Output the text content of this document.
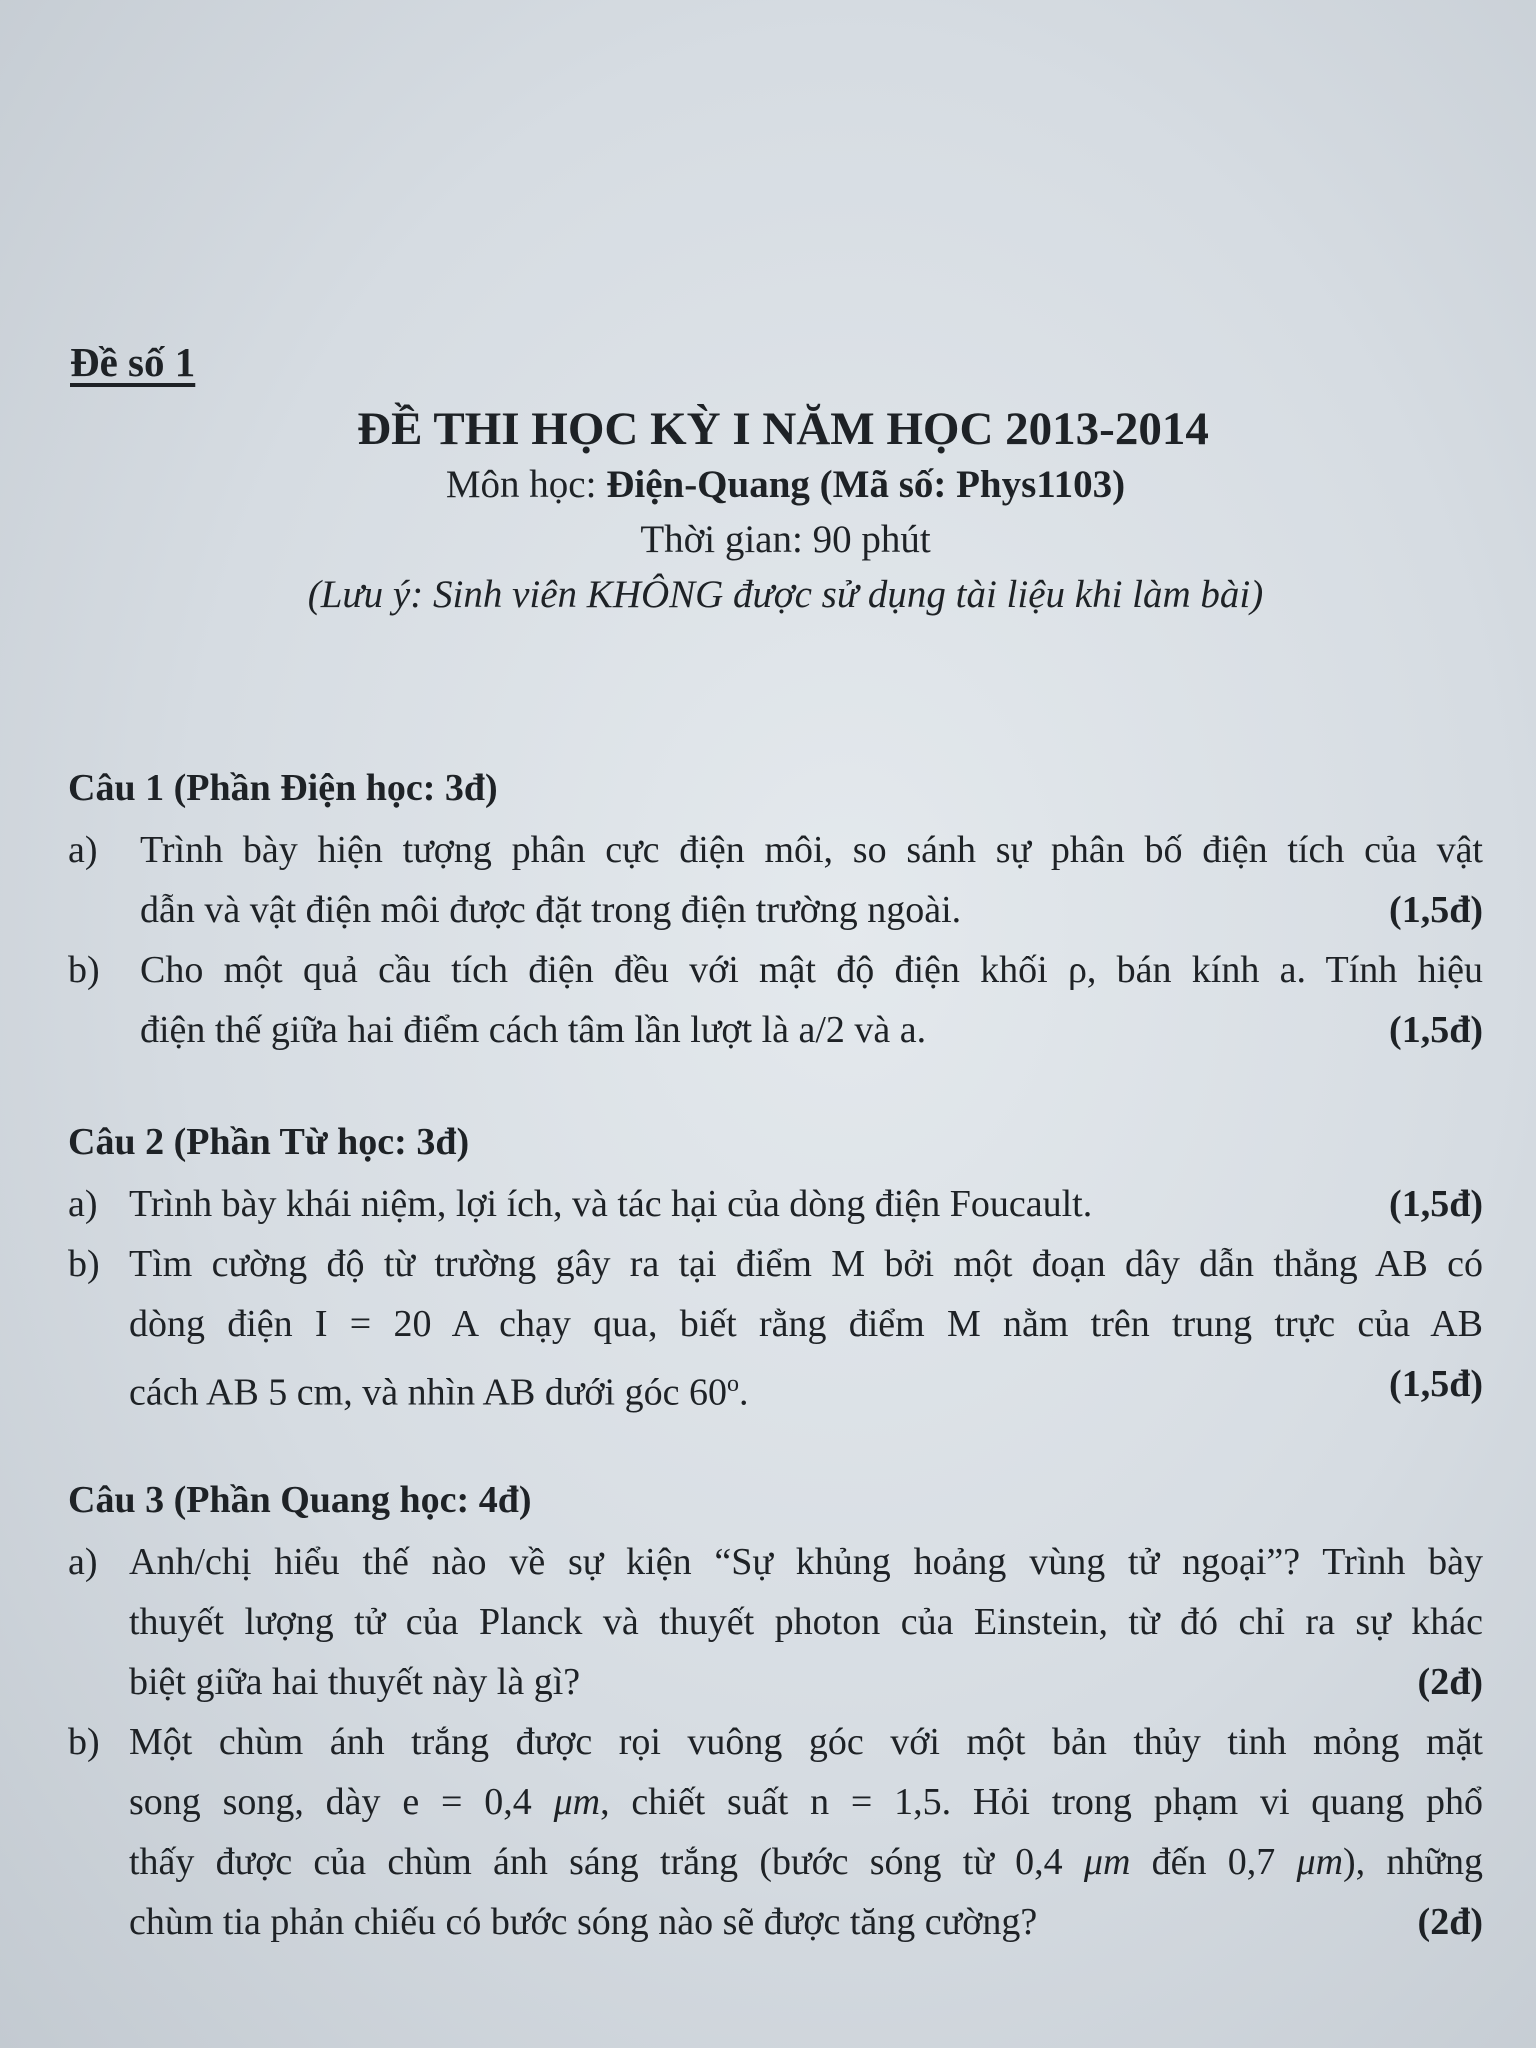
Đề số 1
ĐỀ THI HỌC KỲ I NĂM HỌC 2013-2014
Môn học: Điện-Quang (Mã số: Phys1103)
Thời gian: 90 phút
(Lưu ý: Sinh viên KHÔNG được sử dụng tài liệu khi làm bài)
Câu 1 (Phần Điện học: 3đ)
a)	Trình bày hiện tượng phân cực điện môi, so sánh sự phân bố điện tích của vật
dẫn và vật điện môi được đặt trong điện trường ngoài.	(1,5đ)
b)	Cho một quả cầu tích điện đều với mật độ điện khối ρ, bán kính a. Tính hiệu
điện thế giữa hai điểm cách tâm lần lượt là a/2 và a.	(1,5đ)
Câu 2 (Phần Từ học: 3đ)
a) Trình bày khái niệm, lợi ích, và tác hại của dòng điện Foucault.	(1,5đ)
b) Tìm cường độ từ trường gây ra tại điểm M bởi một đoạn dây dẫn thẳng AB có
dòng điện I = 20 A chạy qua, biết rằng điểm M nằm trên trung trực của AB
cách AB 5 cm, và nhìn AB dưới góc 60$^o$.	(1,5đ)
Câu 3 (Phần Quang học: 4đ)
a) Anh/chị hiểu thế nào về sự kiện “Sự khủng hoảng vùng tử ngoại”? Trình bày
thuyết lượng tử của Planck và thuyết photon của Einstein, từ đó chỉ ra sự khác
biệt giữa hai thuyết này là gì?	(2đ)
b) Một chùm ánh trắng được rọi vuông góc với một bản thủy tinh mỏng mặt
song song, dày e = 0,4 μm, chiết suất n = 1,5. Hỏi trong phạm vi quang phổ
thấy được của chùm ánh sáng trắng (bước sóng từ 0,4 μm đến 0,7 μm), những
chùm tia phản chiếu có bước sóng nào sẽ được tăng cường?	(2đ)
